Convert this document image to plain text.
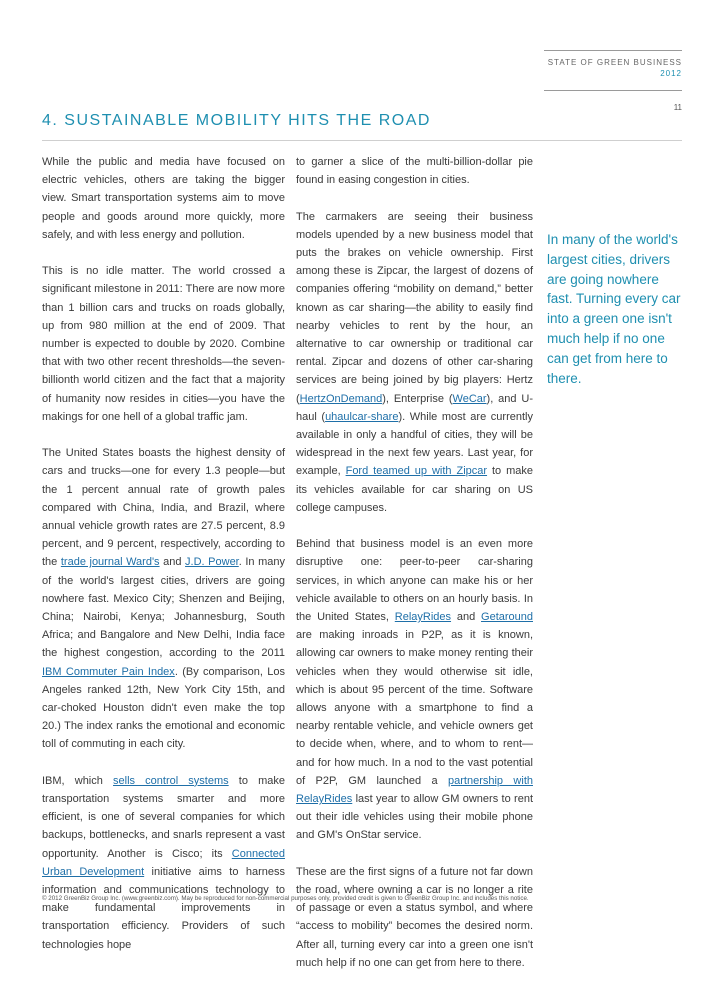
STATE OF GREEN BUSINESS
2012
11
4. SUSTAINABLE MOBILITY HITS THE ROAD

While the public and media have focused on electric vehicles, others are taking the bigger view. Smart transportation systems aim to move people and goods around more quickly, more safely, and with less energy and pollution.

This is no idle matter. The world crossed a significant milestone in 2011: There are now more than 1 billion cars and trucks on roads globally, up from 980 million at the end of 2009. That number is expected to double by 2020. Combine that with two other recent thresholds—the seven-billionth world citizen and the fact that a majority of humanity now resides in cities—you have the makings for one hell of a global traffic jam.

The United States boasts the highest density of cars and trucks—one for every 1.3 people—but the 1 percent annual rate of growth pales compared with China, India, and Brazil, where annual vehicle growth rates are 27.5 percent, 8.9 percent, and 9 percent, respectively, according to the trade journal Ward's and J.D. Power. In many of the world's largest cities, drivers are going nowhere fast. Mexico City; Shenzen and Beijing, China; Nairobi, Kenya; Johannesburg, South Africa; and Bangalore and New Delhi, India face the highest congestion, according to the 2011 IBM Commuter Pain Index. (By comparison, Los Angeles ranked 12th, New York City 15th, and car-choked Houston didn't even make the top 20.) The index ranks the emotional and economic toll of commuting in each city.

IBM, which sells control systems to make transportation systems smarter and more efficient, is one of several companies for which backups, bottlenecks, and snarls represent a vast opportunity. Another is Cisco; its Connected Urban Development initiative aims to harness information and communications technology to make fundamental improvements in transportation efficiency. Providers of such technologies hope

to garner a slice of the multi-billion-dollar pie found in easing congestion in cities.

The carmakers are seeing their business models upended by a new business model that puts the brakes on vehicle ownership. First among these is Zipcar, the largest of dozens of companies offering “mobility on demand,” better known as car sharing—the ability to easily find nearby vehicles to rent by the hour, an alternative to car ownership or traditional car rental. Zipcar and dozens of other car-sharing services are being joined by big players: Hertz (HertzOnDemand), Enterprise (WeCar), and U-haul (uhaulcar-share). While most are currently available in only a handful of cities, they will be widespread in the next few years. Last year, for example, Ford teamed up with Zipcar to make its vehicles available for car sharing on US college campuses.

Behind that business model is an even more disruptive one: peer-to-peer car-sharing services, in which anyone can make his or her vehicle available to others on an hourly basis. In the United States, RelayRides and Getaround are making inroads in P2P, as it is known, allowing car owners to make money renting their vehicles when they would otherwise sit idle, which is about 95 percent of the time. Software allows anyone with a smartphone to find a nearby rentable vehicle, and vehicle owners get to decide when, where, and to whom to rent—and for how much. In a nod to the vast potential of P2P, GM launched a partnership with RelayRides last year to allow GM owners to rent out their idle vehicles using their mobile phone and GM's OnStar service.

These are the first signs of a future not far down the road, where owning a car is no longer a rite of passage or even a status symbol, and where “access to mobility” becomes the desired norm. After all, turning every car into a green one isn't much help if no one can get from here to there.

In many of the world's largest cities, drivers are going nowhere fast. Turning every car into a green one isn't much help if no one can get from here to there.
© 2012 GreenBiz Group Inc. (www.greenbiz.com). May be reproduced for non-commercial purposes only, provided credit is given to GreenBiz Group Inc. and includes this notice.
